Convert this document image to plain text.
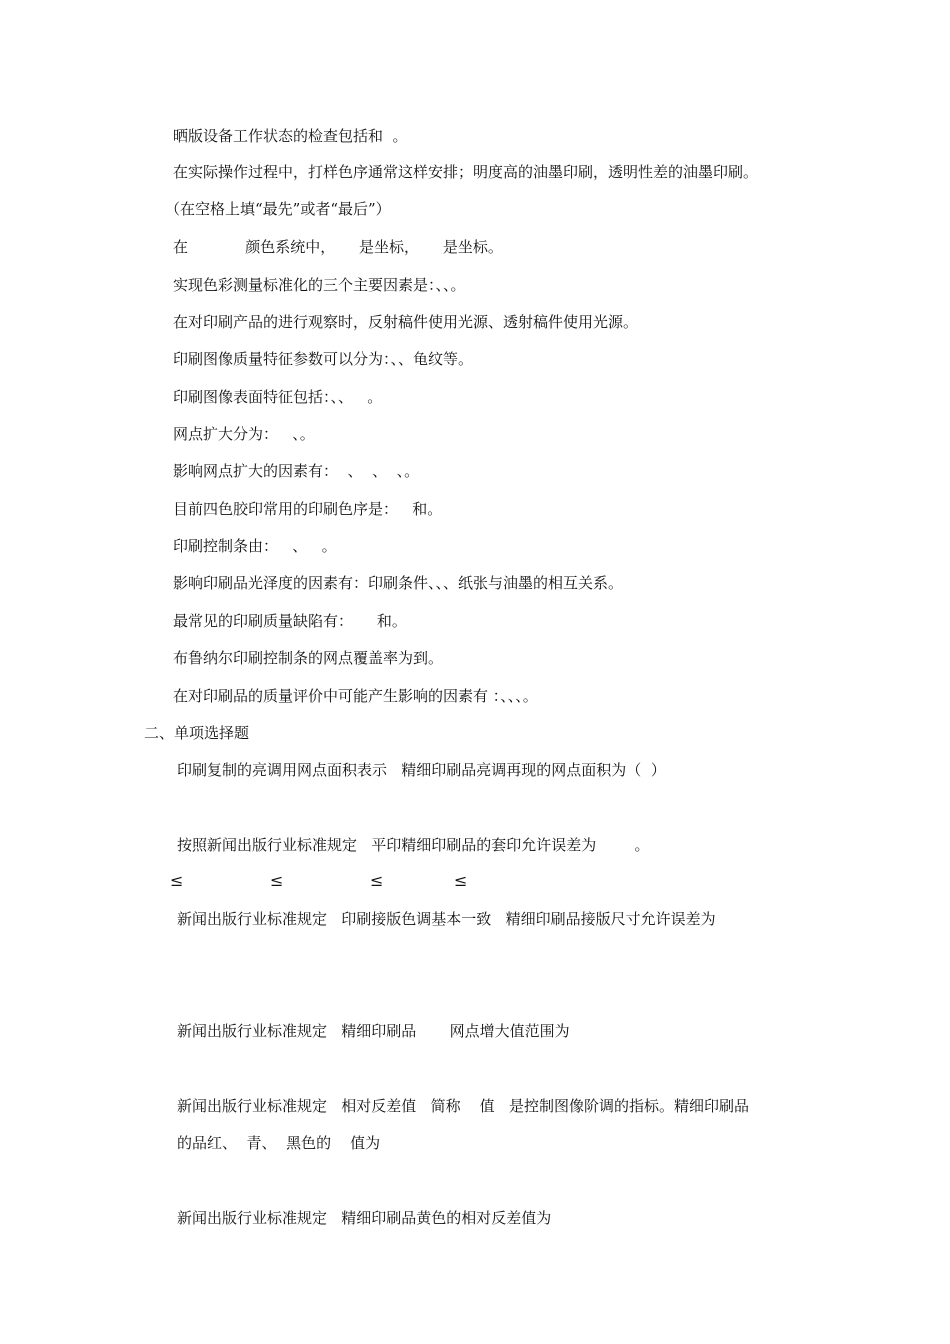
晒版设备工作状态的检查包括和  。
在实际操作过程中，打样色序通常这样安排；明度高的油墨印刷，透明性差的油墨印刷。
（在空格上填“最先”或者“最后”）
在            颜色系统中，     是坐标，     是坐标。
实现色彩测量标准化的三个主要因素是：、、。
在对印刷产品的进行观察时，反射稿件使用光源、透射稿件使用光源。
印刷图像质量特征参数可以分为：、、龟纹等。
印刷图像表面特征包括：、、   。
网点扩大分为：   、。
影响网点扩大的因素有：  、  、  、。
目前四色胶印常用的印刷色序是：   和。
印刷控制条由：   、   。
影响印刷品光泽度的因素有：印刷条件、、、纸张与油墨的相互关系。
最常见的印刷质量缺陷有：     和。
布鲁纳尔印刷控制条的网点覆盖率为到。
在对印刷品的质量评价中可能产生影响的因素有 ：、、、。
二、单项选择题
印刷复制的亮调用网点面积表示   精细印刷品亮调再现的网点面积为（  ）
按照新闻出版行业标准规定   平印精细印刷品的套印允许误差为        。
≤	≤	≤	≤
新闻出版行业标准规定   印刷接版色调基本一致   精细印刷品接版尺寸允许误差为
新闻出版行业标准规定   精细印刷品       网点增大值范围为
新闻出版行业标准规定   相对反差值   简称    值   是控制图像阶调的指标。精细印刷品
的品红、  青、  黑色的    值为
新闻出版行业标准规定   精细印刷品黄色的相对反差值为
